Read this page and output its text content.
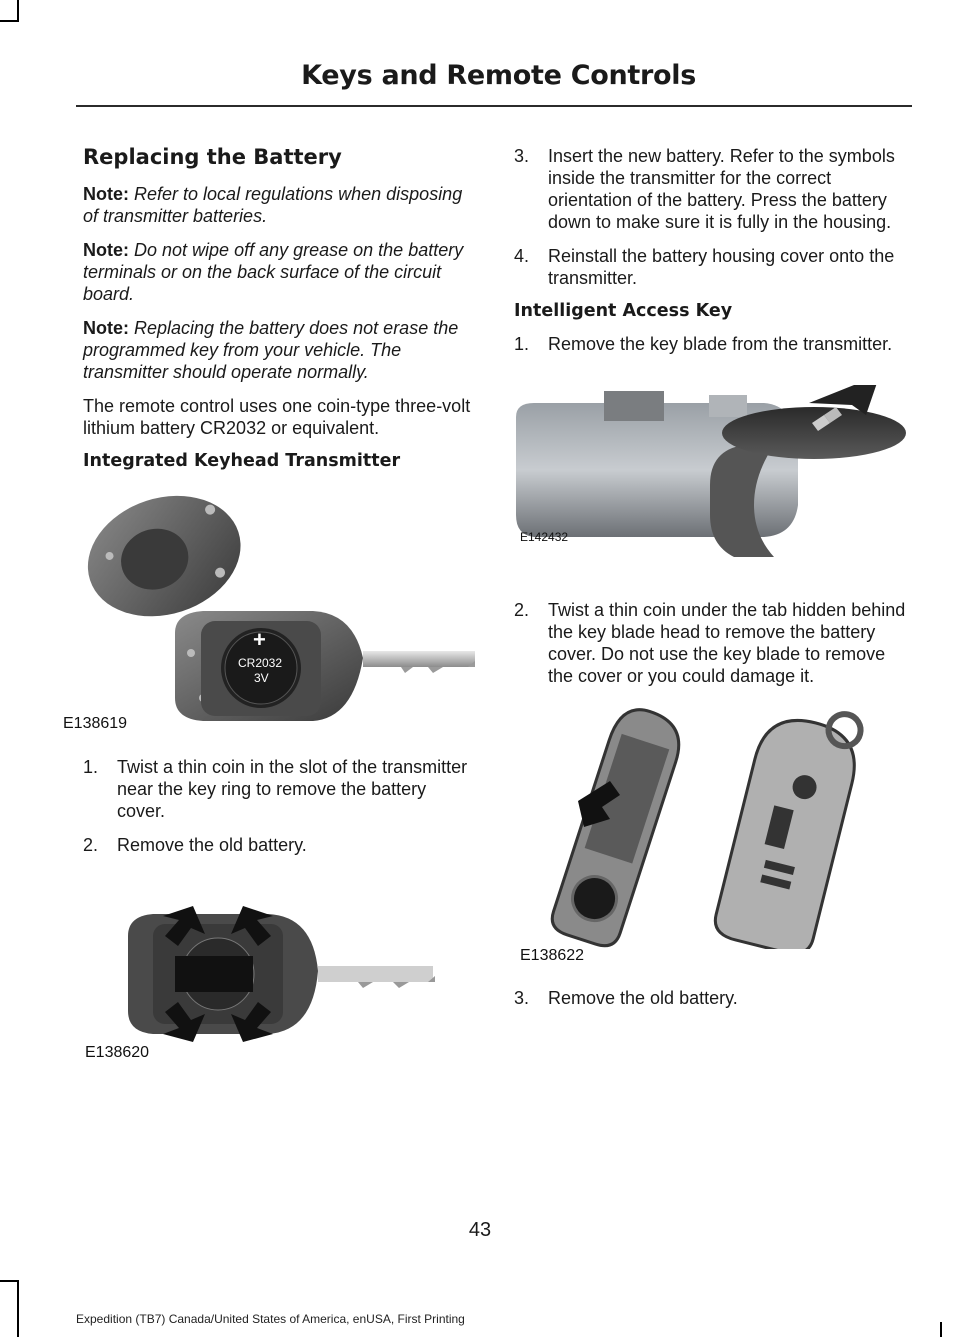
Keys and Remote Controls
Replacing the Battery

Note: Refer to local regulations when disposing of transmitter batteries.

Note: Do not wipe off any grease on the battery terminals or on the back surface of the circuit board.

Note: Replacing the battery does not erase the programmed key from your vehicle. The transmitter should operate normally.

The remote control uses one coin-type three-volt lithium battery CR2032 or equivalent.

Integrated Keyhead Transmitter
+
CR2032
3V
E138619
1. Twist a thin coin in the slot of the transmitter near the key ring to remove the battery cover.
2. Remove the old battery.
E138620
3. Insert the new battery. Refer to the symbols inside the transmitter for the correct orientation of the battery. Press the battery down to make sure it is fully in the housing.
4. Reinstall the battery housing cover onto the transmitter.
Intelligent Access Key
1. Remove the key blade from the transmitter.
E142432
2. Twist a thin coin under the tab hidden behind the key blade head to remove the battery cover. Do not use the key blade to remove the cover or you could damage it.
E138622
3. Remove the old battery.
43
Expedition (TB7) Canada/United States of America, enUSA, First Printing
